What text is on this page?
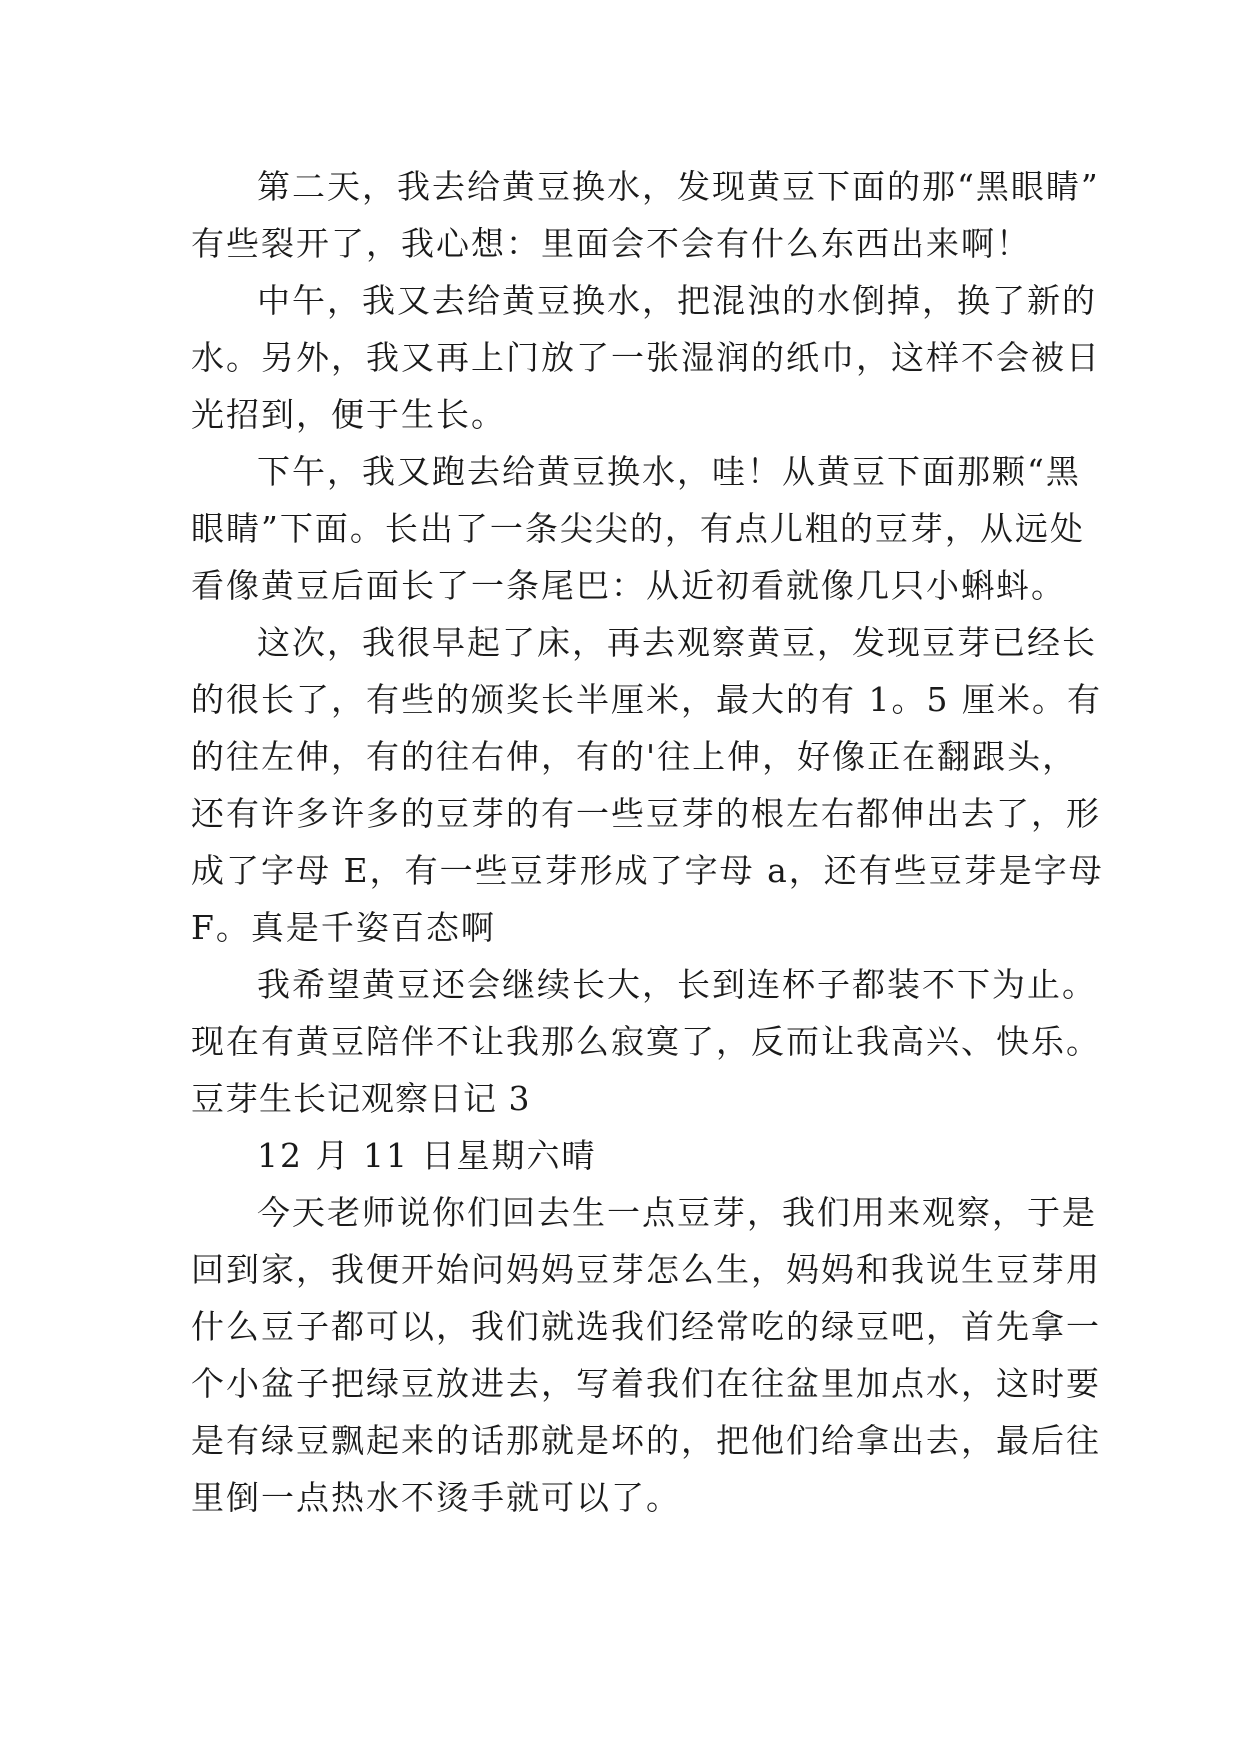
第二天，我去给黄豆换水，发现黄豆下面的那“黑眼睛”
有些裂开了，我心想：里面会不会有什么东西出来啊！
中午，我又去给黄豆换水，把混浊的水倒掉，换了新的
水。另外，我又再上门放了一张湿润的纸巾，这样不会被日
光招到，便于生长。
下午，我又跑去给黄豆换水，哇！从黄豆下面那颗“黑
眼睛”下面。长出了一条尖尖的，有点儿粗的豆芽，从远处
看像黄豆后面长了一条尾巴：从近初看就像几只小蝌蚪。
这次，我很早起了床，再去观察黄豆，发现豆芽已经长
的很长了，有些的颁奖长半厘米，最大的有 1。5 厘米。有
的往左伸，有的往右伸，有的'往上伸，好像正在翻跟头，
还有许多许多的豆芽的有一些豆芽的根左右都伸出去了，形
成了字母 E，有一些豆芽形成了字母 a，还有些豆芽是字母
F。真是千姿百态啊
我希望黄豆还会继续长大，长到连杯子都装不下为止。
现在有黄豆陪伴不让我那么寂寞了，反而让我高兴、快乐。
豆芽生长记观察日记 3
12 月 11 日星期六晴
今天老师说你们回去生一点豆芽，我们用来观察，于是
回到家，我便开始问妈妈豆芽怎么生，妈妈和我说生豆芽用
什么豆子都可以，我们就选我们经常吃的绿豆吧，首先拿一
个小盆子把绿豆放进去，写着我们在往盆里加点水，这时要
是有绿豆飘起来的话那就是坏的，把他们给拿出去，最后往
里倒一点热水不烫手就可以了。
